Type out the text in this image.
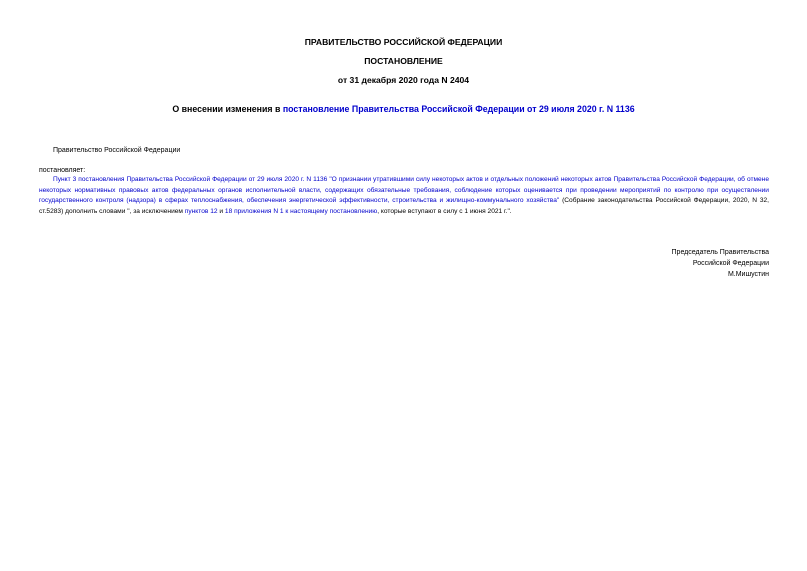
ПРАВИТЕЛЬСТВО РОССИЙСКОЙ ФЕДЕРАЦИИ
ПОСТАНОВЛЕНИЕ
от 31 декабря 2020 года N 2404
О внесении изменения в постановление Правительства Российской Федерации от 29 июля 2020 г. N 1136
Правительство Российской Федерации
постановляет:
Пункт 3 постановления Правительства Российской Федерации от 29 июля 2020 г. N 1136 "О признании утратившими силу некоторых актов и отдельных положений некоторых актов Правительства Российской Федерации, об отмене некоторых нормативных правовых актов федеральных органов исполнительной власти, содержащих обязательные требования, соблюдение которых оценивается при проведении мероприятий по контролю при осуществлении государственного контроля (надзора) в сферах теплоснабжения, обеспечения энергетической эффективности, строительства и жилищно-коммунального хозяйства" (Собрание законодательства Российской Федерации, 2020, N 32, ст.5283) дополнить словами ", за исключением пунктов 12 и 18 приложения N 1 к настоящему постановлению, которые вступают в силу с 1 июня 2021 г.".
Председатель Правительства
Российской Федерации
М.Мишустин
